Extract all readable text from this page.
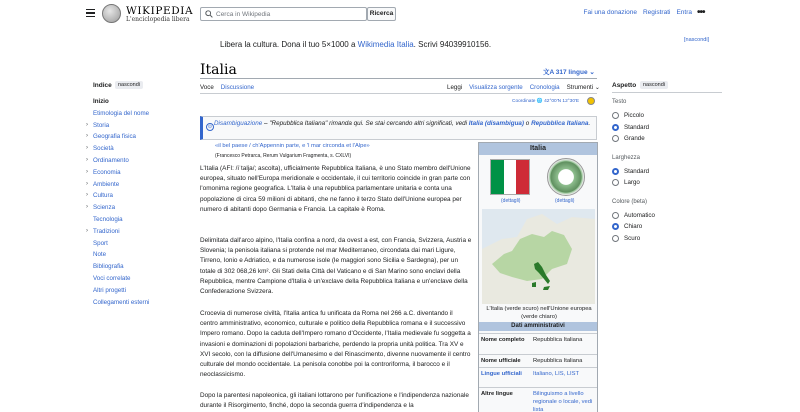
WIKIPEDIA
L'enciclopedia libera
Cerca in Wikipedia
Ricerca	Fai una donazione Registrati Entra •••
Libera la cultura. Dona il tuo 5×1000 a Wikimedia Italia. Scrivi 94039910156.	[nascondi]
Indice	nascondi
Inizio
Etimologia del nome
› Storia
› Geografia fisica
› Società
› Ordinamento
› Economia
› Ambiente
› Cultura
› Scienza
Tecnologia
› Tradizioni
Sport
Note
Bibliografia
Voci correlate
Altri progetti
Collegamenti esterni
Italia	文A 317 lingue ⌄
Voce Discussione	Leggi Visualizza sorgente Cronologia Strumenti ⌄
Coordinate 🌐 42°00′N 12°30′E
⊙ Disambiguazione – "Repubblica Italiana" rimanda qui. Se stai cercando altri significati, vedi Italia (disambigua) o Repubblica Italiana.
«il bel paese / ch'Appennin parte, e 'l mar circonda et l'Alpe»
(Francesco Petrarca, Rerum Vulgarium Fragmenta, s. CXLVI)
L'Italia (AFI: /iˈtalja/; ascolta), ufficialmente Repubblica Italiana, è uno Stato membro dell'Unione europea, situato nell'Europa meridionale e occidentale, il cui territorio coincide in gran parte con l'omonima regione geografica. L'Italia è una repubblica parlamentare unitaria e conta una popolazione di circa 59 milioni di abitanti, che ne fanno il terzo Stato dell'Unione europea per numero di abitanti dopo Germania e Francia. La capitale è Roma.
Delimitata dall'arco alpino, l'Italia confina a nord, da ovest a est, con Francia, Svizzera, Austria e Slovenia; la penisola italiana si protende nel mar Mediterraneo, circondata dai mari Ligure, Tirreno, Ionio e Adriatico, e da numerose isole (le maggiori sono Sicilia e Sardegna), per un totale di 302 068,26 km². Gli Stati della Città del Vaticano e di San Marino sono enclavi della Repubblica, mentre Campione d'Italia è un'exclave della Repubblica Italiana e un'enclave della Confederazione Svizzera.
Crocevia di numerose civiltà, l'Italia antica fu unificata da Roma nel 266 a.C. diventando il centro amministrativo, economico, culturale e politico della Repubblica romana e il successivo Impero romano. Dopo la caduta dell'Impero romano d'Occidente, l'Italia medievale fu soggetta a invasioni e dominazioni di popolazioni barbariche, perdendo la propria unità politica. Tra XV e XVI secolo, con la diffusione dell'Umanesimo e del Rinascimento, divenne nuovamente il centro culturale del mondo occidentale. La penisola conobbe poi la controriforma, il barocco e il neoclassicismo.
Dopo la parentesi napoleonica, gli italiani lottarono per l'unificazione e l'indipendenza nazionale durante il Risorgimento, finché, dopo la seconda guerra d'indipendenza e la
Italia
(dettagli)	(dettagli)
L'Italia (verde scuro) nell'Unione europea (verde chiaro)
Dati amministrativi
Nome completo	Repubblica Italiana
Nome ufficiale	Repubblica Italiana
Lingue ufficiali	Italiano, LIS, LIST
Altre lingue	Bilinguismo a livello regionale o locale, vedi lista
Aspetto	nascondi
Testo
Piccolo
Standard
Grande
Larghezza
Standard
Largo
Colore (beta)
Automatico
Chiaro
Scuro
